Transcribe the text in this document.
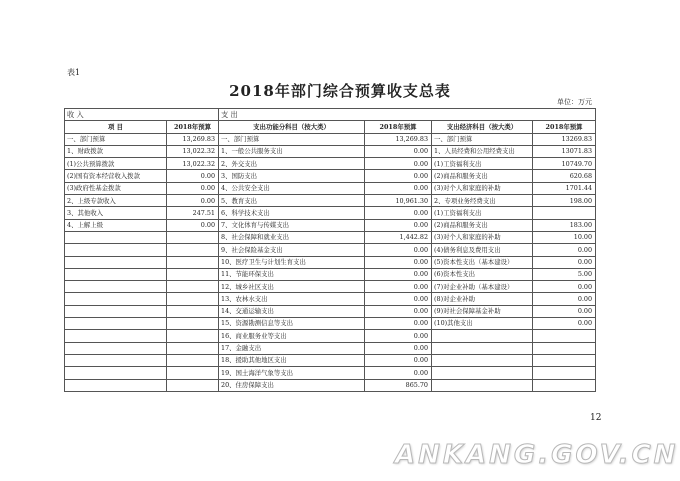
表1
2018年部门综合预算收支总表
单位：万元
收 入		支 出			
项 目	2018年预算	支出功能分科目（按大类）	2018年预算	支出经济科目（按大类）	2018年预算
一、部门预算	13,269.83	一、部门预算	13,269.83	一、部门预算	13269.83
1、财政拨款	13,022.32	1、一般公共服务支出	0.00	1、人员经费和公用经费支出	13071.83
(1)公共预算拨款	13,022.32	2、外交支出	0.00	(1)工资福利支出	10749.70
(2)国有资本经营收入拨款	0.00	3、国防支出	0.00	(2)商品和服务支出	620.68
(3)政府性基金拨款	0.00	4、公共安全支出	0.00	(3)对个人和家庭的补助	1701.44
2、上级专款收入	0.00	5、教育支出	10,961.30	2、专项业务经费支出	198.00
3、其他收入	247.51	6、科学技术支出	0.00	(1)工资福利支出	
4、上解上级	0.00	7、文化体育与传媒支出	0.00	(2)商品和服务支出	183.00
		8、社会保障和就业支出	1,442.82	(3)对个人和家庭的补助	10.00
		9、社会保险基金支出	0.00	(4)债务利息及费用支出	0.00
		10、医疗卫生与计划生育支出	0.00	(5)资本性支出（基本建设）	0.00
		11、节能环保支出	0.00	(6)资本性支出	5.00
		12、城乡社区支出	0.00	(7)对企业补助（基本建设）	0.00
		13、农林水支出	0.00	(8)对企业补助	0.00
		14、交通运输支出	0.00	(9)对社会保障基金补助	0.00
		15、资源勘测信息等支出	0.00	(10)其他支出	0.00
		16、商业服务业等支出	0.00		
		17、金融支出	0.00		
		18、援助其他地区支出	0.00		
		19、国土海洋气象等支出	0.00		
		20、住房保障支出	865.70		
12
ANKANG.GOV.CN
